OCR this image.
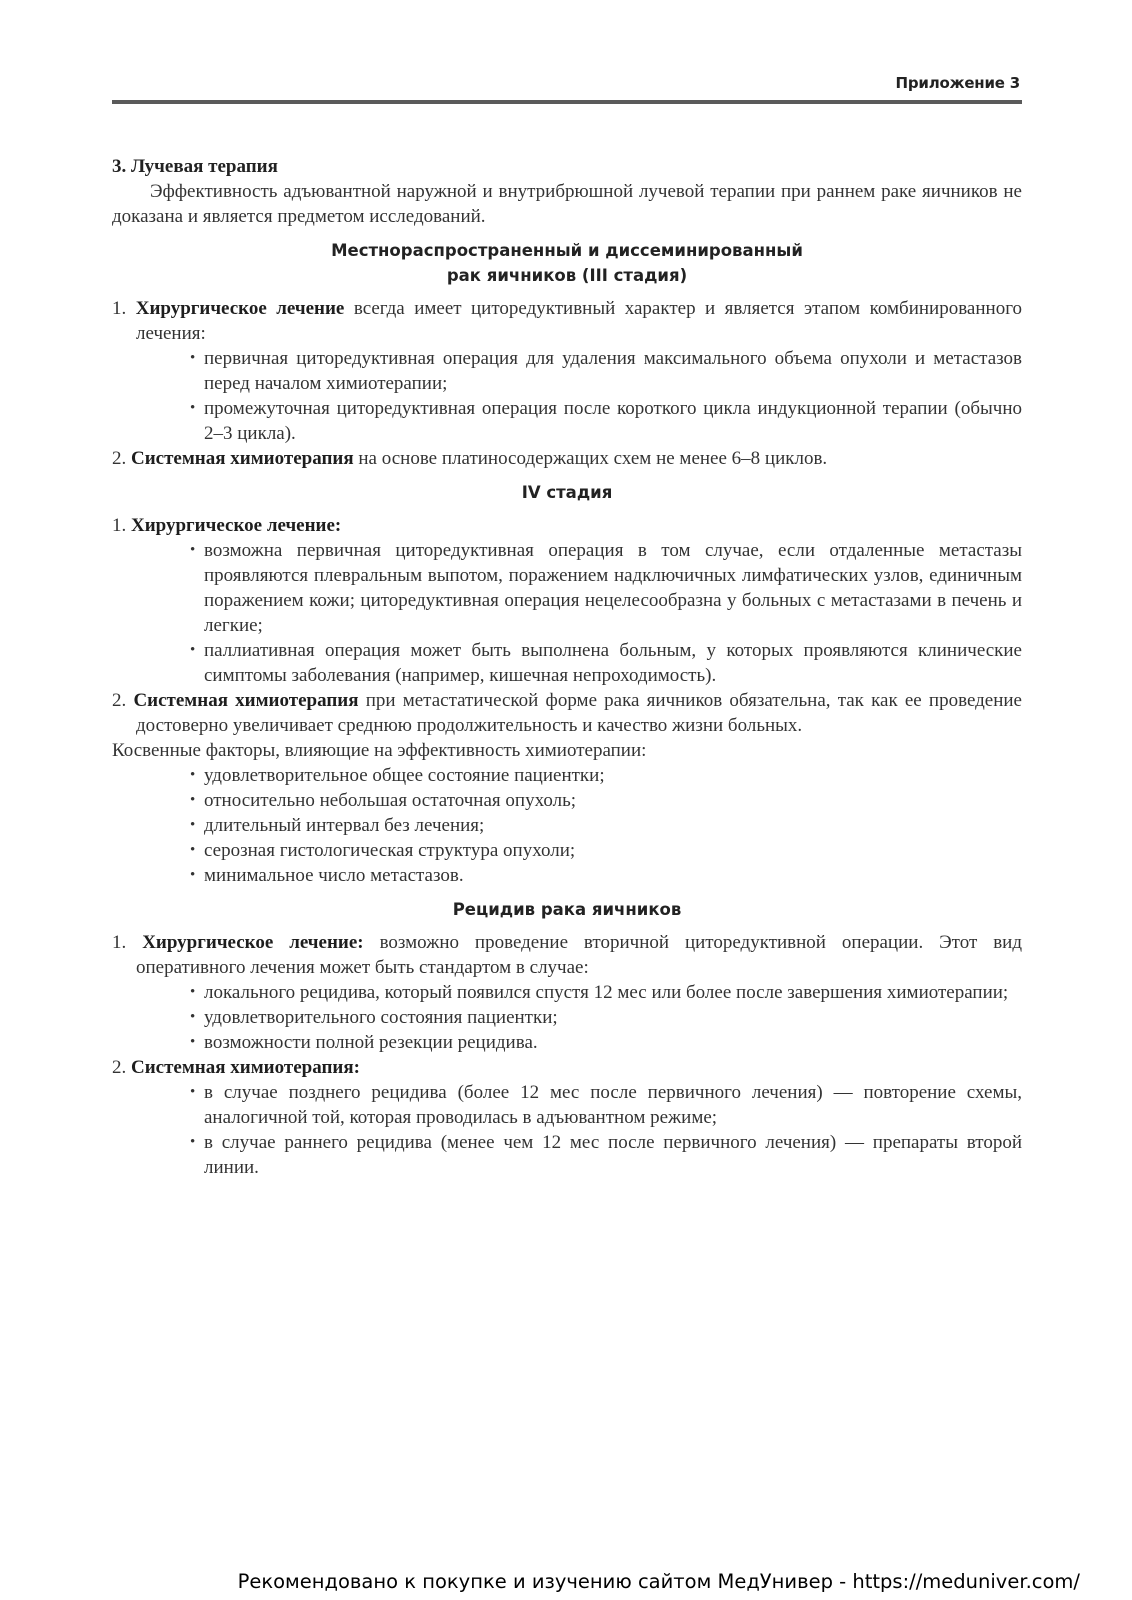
Приложение 3

3. Лучевая терапия

Эффективность адъювантной наружной и внутрибрюшной лучевой терапии при раннем раке яичников не доказана и является предметом исследований.

Местнораспространенный и диссеминированный
рак яичников (III стадия)

1. Хирургическое лечение всегда имеет циторедуктивный характер и является этапом комбинированного лечения:

• первичная циторедуктивная операция для удаления максимального объема опухоли и метастазов перед началом химиотерапии;
• промежуточная циторедуктивная операция после короткого цикла индукционной терапии (обычно 2–3 цикла).

2. Системная химиотерапия на основе платиносодержащих схем не менее 6–8 циклов.

IV стадия

1. Хирургическое лечение:

• возможна первичная циторедуктивная операция в том случае, если отдаленные метастазы проявляются плевральным выпотом, поражением надключичных лимфатических узлов, единичным поражением кожи; циторедуктивная операция нецелесообразна у больных с метастазами в печень и легкие;
• паллиативная операция может быть выполнена больным, у которых проявляются клинические симптомы заболевания (например, кишечная непроходимость).

2. Системная химиотерапия при метастатической форме рака яичников обязательна, так как ее проведение достоверно увеличивает среднюю продолжительность и качество жизни больных.

Косвенные факторы, влияющие на эффективность химиотерапии:

• удовлетворительное общее состояние пациентки;
• относительно небольшая остаточная опухоль;
• длительный интервал без лечения;
• серозная гистологическая структура опухоли;
• минимальное число метастазов.
Рецидив рака яичников

1. Хирургическое лечение: возможно проведение вторичной циторедуктивной операции. Этот вид оперативного лечения может быть стандартом в случае:

• локального рецидива, который появился спустя 12 мес или более после завершения химиотерапии;
• удовлетворительного состояния пациентки;
• возможности полной резекции рецидива.

2. Системная химиотерапия:

• в случае позднего рецидива (более 12 мес после первичного лечения) — повторение схемы, аналогичной той, которая проводилась в адъювантном режиме;
• в случае раннего рецидива (менее чем 12 мес после первичного лечения) — препараты второй линии.
Рекомендовано к покупке и изучению сайтом МедУнивер - https://meduniver.com/
